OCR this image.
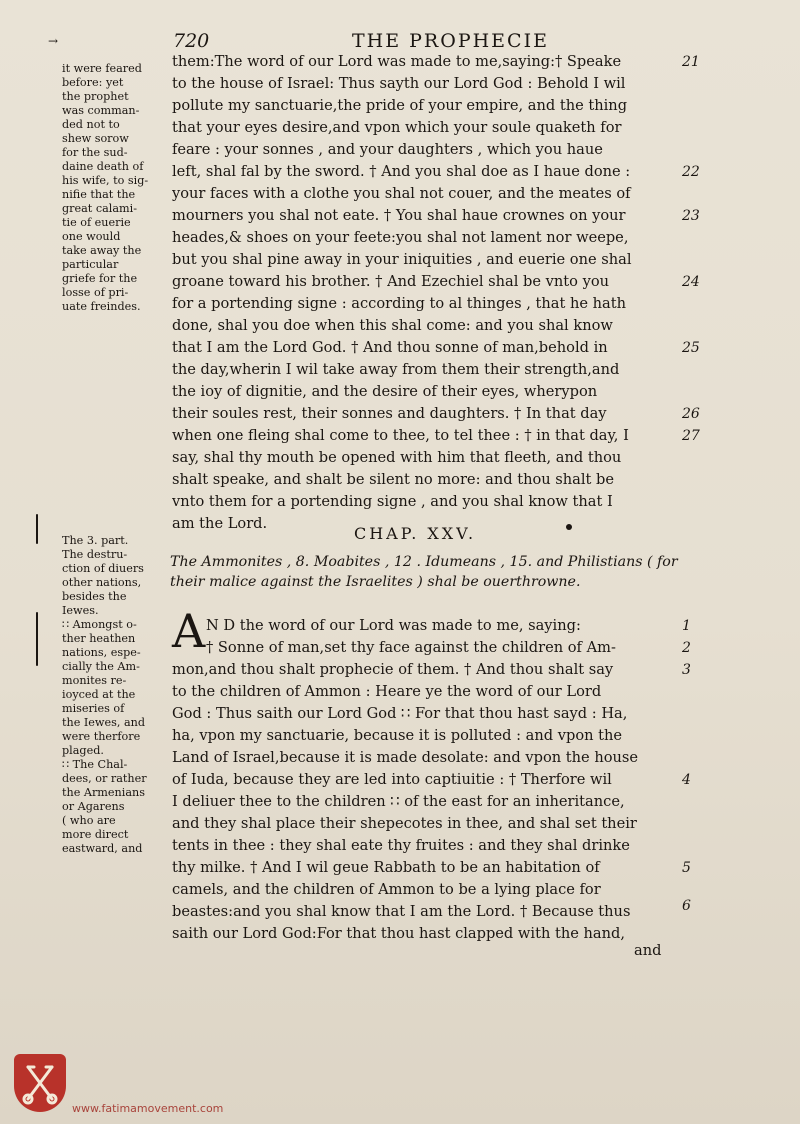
→	720	THE PROPHECIE
it were feared
before: yet
the prophet
was comman-
ded not to
shew sorow
for the sud-
daine death of
his wife, to sig-
nifie that the
great calami-
tie of euerie
one would
take away the
particular
griefe for the
losse of pri-
uate freindes.
them:The word of our Lord was made to me,saying:† Speake
to the house of Israel: Thus sayth our Lord God : Behold I wil
pollute my sanctuarie,the pride of your empire, and the thing
that your eyes desire,and vpon which your soule quaketh for
feare : your sonnes , and your daughters , which you haue
left, shal fal by the sword. † And you shal doe as I haue done :
your faces with a clothe you shal not couer, and the meates of
mourners you shal not eate. † You shal haue crownes on your
heades,& shoes on your feete:you shal not lament nor weepe,
but you shal pine away in your iniquities , and euerie one shal
groane toward his brother. † And Ezechiel shal be vnto you
for a portending signe : according to al thinges , that he hath
done, shal you doe when this shal come: and you shal know
that I am the Lord God. † And thou sonne of man,behold in
the day,wherin I wil take away from them their strength,and
the ioy of dignitie, and the desire of their eyes, wherypon
their soules rest, their sonnes and daughters. † In that day
when one fleing shal come to thee, to tel thee : † in that day, I
say, shal thy mouth be opened with him that fleeth, and thou
shalt speake, and shalt be silent no more: and thou shalt be
vnto them for a portending signe , and you shal know that I
am the Lord.
21
22
23
24
25
26
27
CHAP. XXV.
The Ammonites , 8. Moabites , 12 . Idumeans , 15. and Philistians ( for their malice against the Israelites ) shal be ouerthrowne.
The 3. part.
The destru-
ction of diuers
other nations,
besides the
Iewes.
∷ Amongst o-
ther heathen
nations, espe-
cially the Am-
monites re-
ioyced at the
miseries of
the Iewes, and
were therfore
plaged.
∷ The Chal-
dees, or rather
the Armenians
or Agarens
( who are
more direct
eastward, and
A N D the word of our Lord was made to me, saying:
† Sonne of man,set thy face against the children of Am-
mon,and thou shalt prophecie of them. † And thou shalt say
to the children of Ammon : Heare ye the word of our Lord
God : Thus saith our Lord God ∷ For that thou hast sayd : Ha,
ha, vpon my sanctuarie, because it is polluted : and vpon the
Land of Israel,because it is made desolate: and vpon the house
of Iuda, because they are led into captiuitie : † Therfore wil
I deliuer thee to the children ∷ of the east for an inheritance,
and they shal place their shepecotes in thee, and shal set their
tents in thee : they shal eate thy fruites : and they shal drinke
thy milke. † And I wil geue Rabbath to be an habitation of
camels, and the children of Ammon to be a lying place for
beastes:and you shal know that I am the Lord. † Because thus
saith our Lord God:For that thou hast clapped with the hand,
1
2
3
4
5
6
and
www.fatimamovement.com
